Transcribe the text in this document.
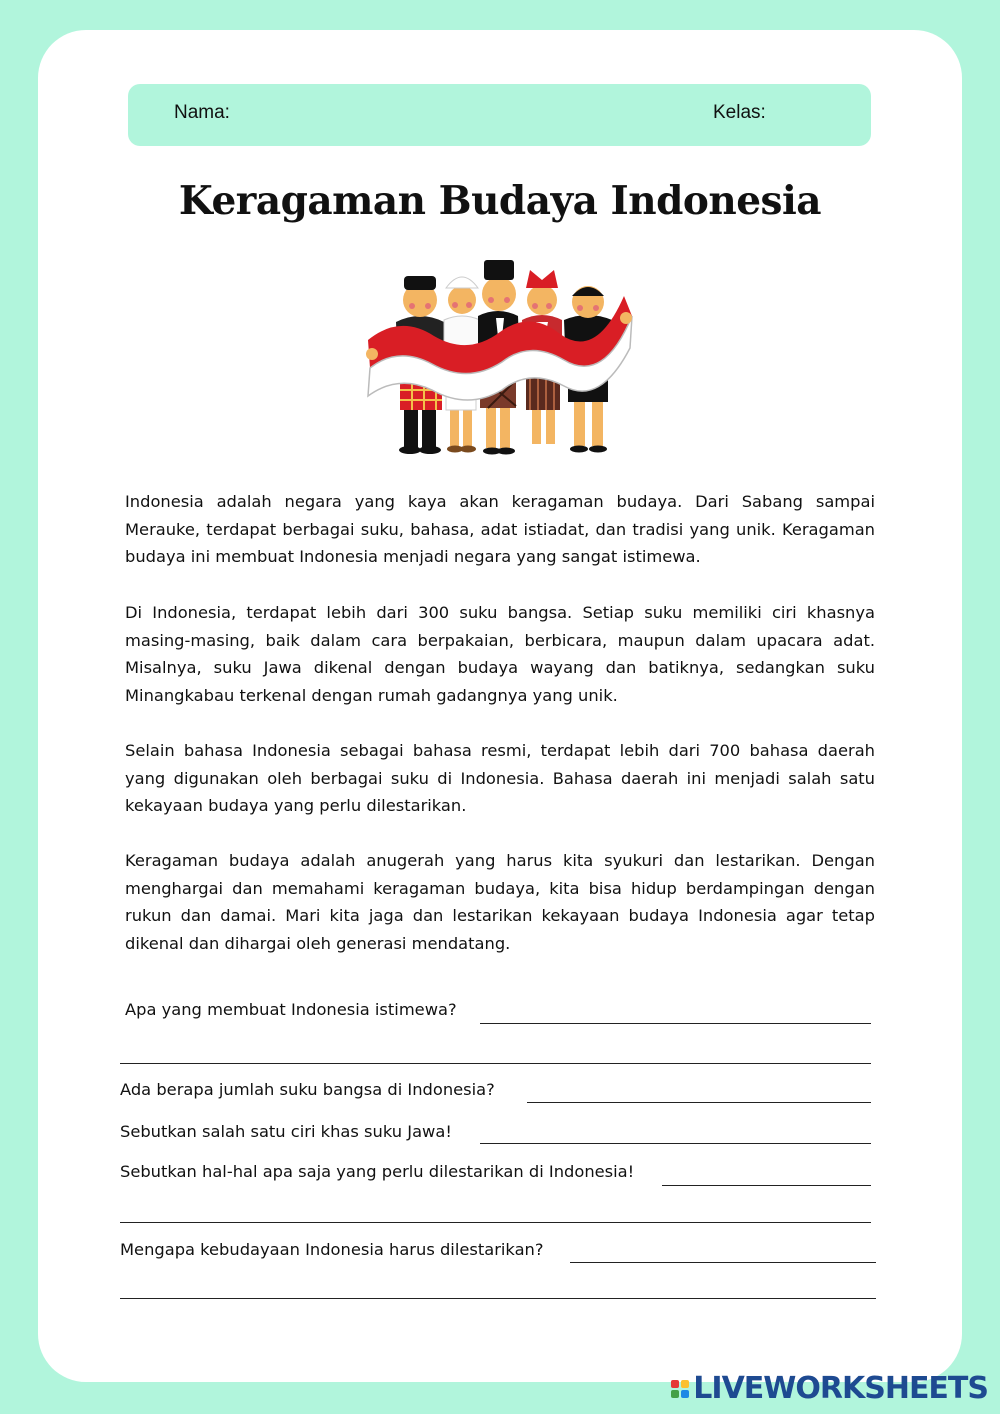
Nama:	Kelas:
Keragaman Budaya Indonesia
Indonesia adalah negara yang kaya akan keragaman budaya. Dari Sabang sampai Merauke, terdapat berbagai suku, bahasa, adat istiadat, dan tradisi yang unik. Keragaman budaya ini membuat Indonesia menjadi negara yang sangat istimewa.
Di Indonesia, terdapat lebih dari 300 suku bangsa. Setiap suku memiliki ciri khasnya masing-masing, baik dalam cara berpakaian, berbicara, maupun dalam upacara adat. Misalnya, suku Jawa dikenal dengan budaya wayang dan batiknya, sedangkan suku Minangkabau terkenal dengan rumah gadangnya yang unik.
Selain bahasa Indonesia sebagai bahasa resmi, terdapat lebih dari 700 bahasa daerah yang digunakan oleh berbagai suku di Indonesia. Bahasa daerah ini menjadi salah satu kekayaan budaya yang perlu dilestarikan.
Keragaman budaya adalah anugerah yang harus kita syukuri dan lestarikan. Dengan menghargai dan memahami keragaman budaya, kita bisa hidup berdampingan dengan rukun dan damai. Mari kita jaga dan lestarikan kekayaan budaya Indonesia agar tetap dikenal dan dihargai oleh generasi mendatang.
Apa yang membuat Indonesia istimewa?
Ada berapa jumlah suku bangsa di Indonesia?
Sebutkan salah satu ciri khas suku Jawa!
Sebutkan hal-hal apa saja yang perlu dilestarikan di Indonesia!
Mengapa kebudayaan Indonesia harus dilestarikan?
LIVEWORKSHEETS
